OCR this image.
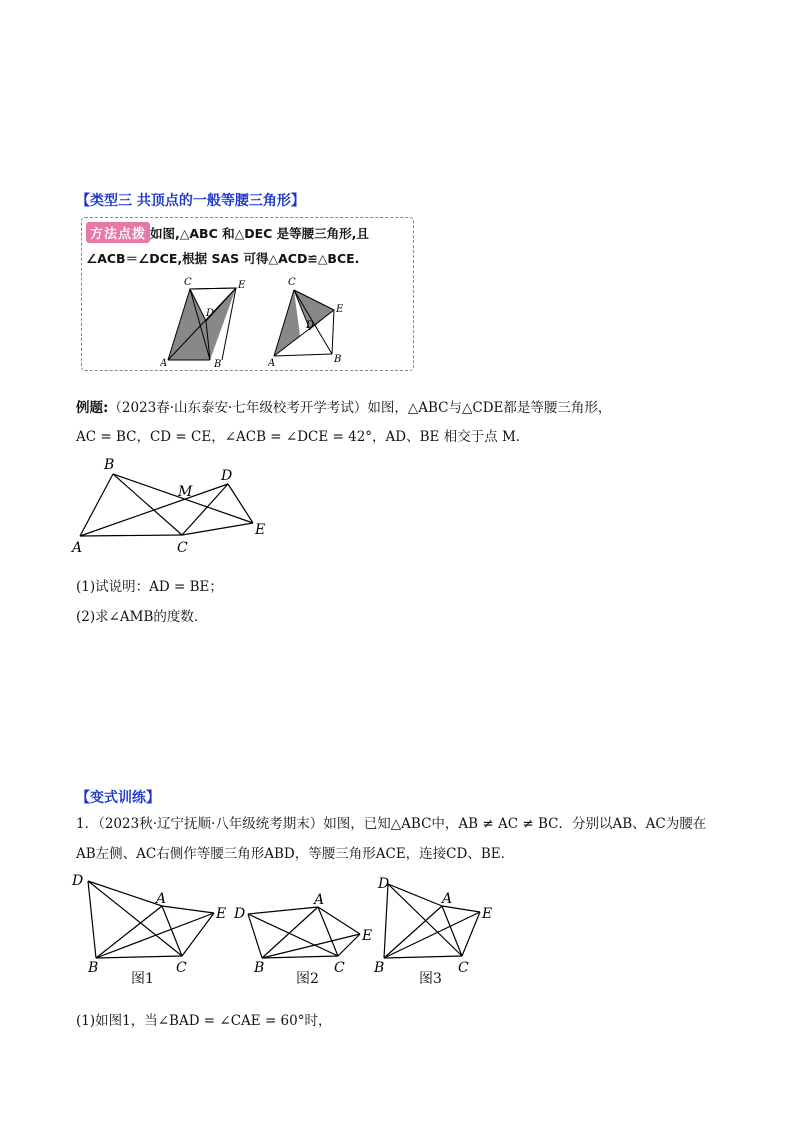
【类型三 共顶点的一般等腰三角形】
方法点拨 如图,△ABC 和△DEC 是等腰三角形,且
∠ACB＝∠DCE,根据 SAS 可得△ACD≌△BCE.
C	E
D
A	B
C
E
D
A	B
例题:（2023春·山东泰安·七年级校考开学考试）如图，△ABC与△CDE都是等腰三角形，
AC = BC，CD = CE，∠ACB = ∠DCE = 42°，AD、BE 相交于点 M．
B
D
M
E
A	C
(1)试说明：AD = BE；
(2)求∠AMB的度数．
【变式训练】
1．（2023秋·辽宁抚顺·八年级统考期末）如图，已知△ABC中，AB ≠ AC ≠ BC．分别以AB、AC为腰在
AB左侧、AC右侧作等腰三角形ABD，等腰三角形ACE，连接CD、BE．
D
A
E
B	C
图1
D
A
E
B	C
图2
D
A
E
B	C
图3
(1)如图1，当∠BAD = ∠CAE = 60°时，
